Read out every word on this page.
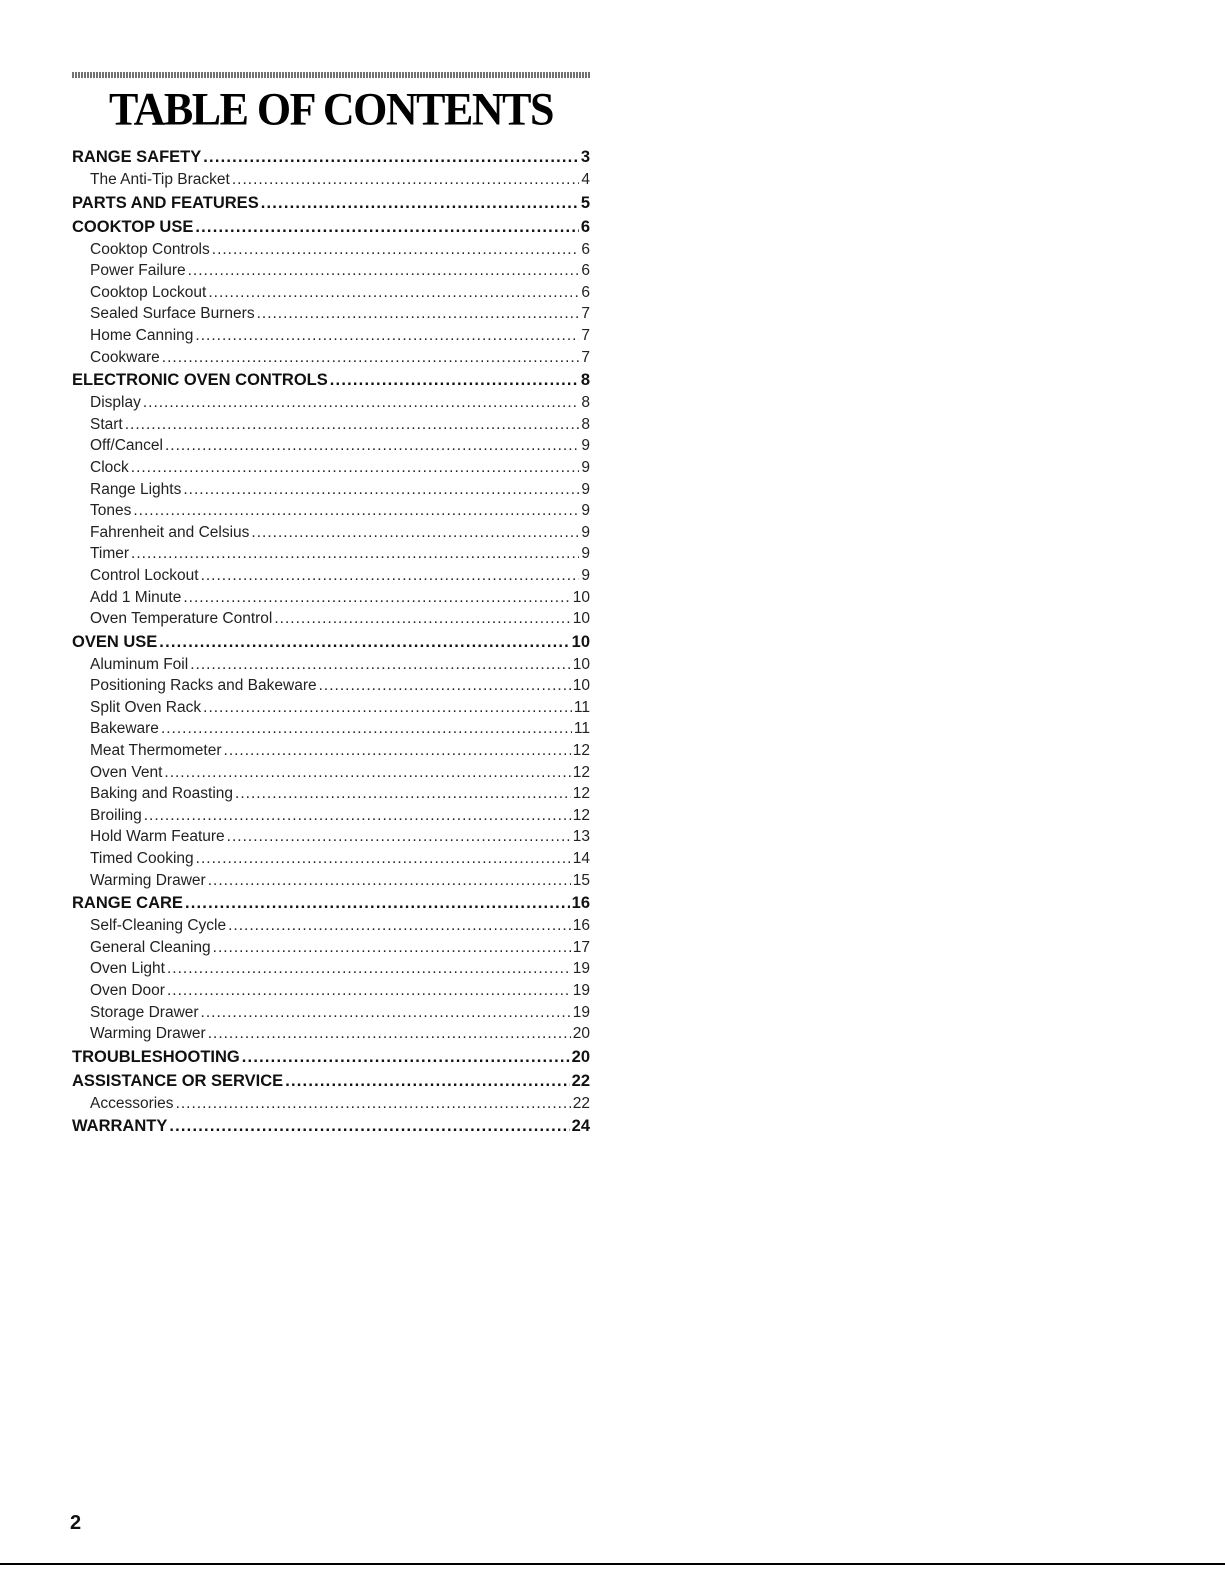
TABLE OF CONTENTS
RANGE SAFETY .....	3
The Anti-Tip Bracket .....	4
PARTS AND FEATURES .....	5
COOKTOP USE .....	6
Cooktop Controls .....	6
Power Failure .....	6
Cooktop Lockout .....	6
Sealed Surface Burners .....	7
Home Canning .....	7
Cookware .....	7
ELECTRONIC OVEN CONTROLS .....	8
Display .....	8
Start .....	8
Off/Cancel .....	9
Clock .....	9
Range Lights .....	9
Tones .....	9
Fahrenheit and Celsius .....	9
Timer .....	9
Control Lockout .....	9
Add 1 Minute .....	10
Oven Temperature Control .....	10
OVEN USE .....	10
Aluminum Foil .....	10
Positioning Racks and Bakeware .....	10
Split Oven Rack .....	11
Bakeware .....	11
Meat Thermometer .....	12
Oven Vent .....	12
Baking and Roasting .....	12
Broiling .....	12
Hold Warm Feature .....	13
Timed Cooking .....	14
Warming Drawer .....	15
RANGE CARE .....	16
Self-Cleaning Cycle .....	16
General Cleaning .....	17
Oven Light .....	19
Oven Door .....	19
Storage Drawer .....	19
Warming Drawer .....	20
TROUBLESHOOTING .....	20
ASSISTANCE OR SERVICE .....	22
Accessories .....	22
WARRANTY .....	24
2
